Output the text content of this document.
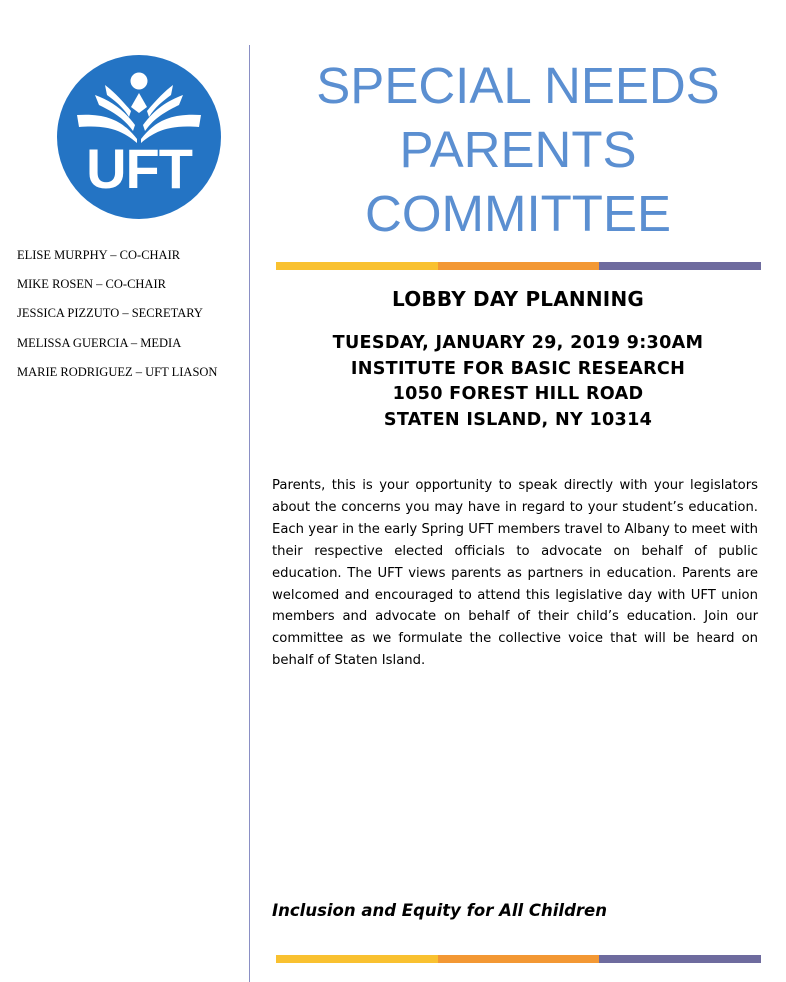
UFT
ELISE MURPHY – CO-CHAIR
MIKE ROSEN – CO-CHAIR
JESSICA PIZZUTO – SECRETARY
MELISSA GUERCIA – MEDIA
MARIE RODRIGUEZ – UFT LIASON
SPECIAL NEEDS
PARENTS
COMMITTEE
LOBBY DAY PLANNING
TUESDAY, JANUARY 29, 2019 9:30AM
INSTITUTE FOR BASIC RESEARCH
1050 FOREST HILL ROAD
STATEN ISLAND, NY 10314

Parents, this is your opportunity to speak directly with your legislators about the concerns you may have in regard to your student’s education. Each year in the early Spring UFT members travel to Albany to meet with their respective elected officials to advocate on behalf of public education. The UFT views parents as partners in education. Parents are welcomed and encouraged to attend this legislative day with UFT union members and advocate on behalf of their child’s education. Join our committee as we formulate the collective voice that will be heard on behalf of Staten Island.

Inclusion and Equity for All Children
